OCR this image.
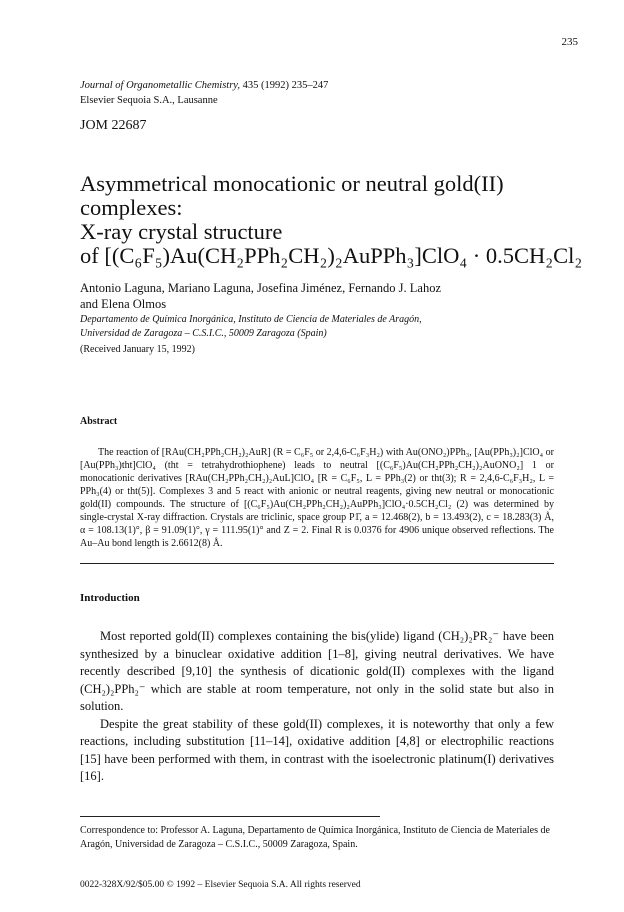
235
Journal of Organometallic Chemistry, 435 (1992) 235–247
Elsevier Sequoia S.A., Lausanne
JOM 22687
Asymmetrical monocationic or neutral gold(II) complexes:
X-ray crystal structure
of [(C₆F₅)Au(CH₂PPh₂CH₂)₂AuPPh₃]ClO₄ · 0.5CH₂Cl₂
Antonio Laguna, Mariano Laguna, Josefina Jiménez, Fernando J. Lahoz
and Elena Olmos
Departamento de Química Inorgánica, Instituto de Ciencia de Materiales de Aragón,
Universidad de Zaragoza – C.S.I.C., 50009 Zaragoza (Spain)
(Received January 15, 1992)
Abstract
The reaction of [RAu(CH₂PPh₂CH₂)₂AuR] (R = C₆F₅ or 2,4,6-C₆F₃H₂) with Au(ONO₂)PPh₃, [Au(PPh₃)₂]ClO₄ or [Au(PPh₃)tht]ClO₄ (tht = tetrahydrothiophene) leads to neutral [(C₆F₅)Au(CH₂PPh₂CH₂)₂AuONO₂] 1 or monocationic derivatives [RAu(CH₂PPh₂CH₂)₂AuL]ClO₄ [R = C₆F₅, L = PPh₃(2) or tht(3); R = 2,4,6-C₆F₃H₂, L = PPh₃(4) or tht(5)]. Complexes 3 and 5 react with anionic or neutral reagents, giving new neutral or monocationic gold(II) compounds. The structure of [(C₆F₅)Au(CH₂PPh₂CH₂)₂AuPPh₃]ClO₄·0.5CH₂Cl₂ (2) was determined by single-crystal X-ray diffraction. Crystals are triclinic, space group P1̄, a = 12.468(2), b = 13.493(2), c = 18.283(3) Å, α = 108.13(1)°, β = 91.09(1)°, γ = 111.95(1)° and Z = 2. Final R is 0.0376 for 4906 unique observed reflections. The Au–Au bond length is 2.6612(8) Å.
Introduction

Most reported gold(II) complexes containing the bis(ylide) ligand (CH₂)₂PR₂⁻ have been synthesized by a binuclear oxidative addition [1–8], giving neutral derivatives. We have recently described [9,10] the synthesis of dicationic gold(II) complexes with the ligand (CH₂)₂PPh₂⁻ which are stable at room temperature, not only in the solid state but also in solution.

Despite the great stability of these gold(II) complexes, it is noteworthy that only a few reactions, including substitution [11–14], oxidative addition [4,8] or electrophilic reactions [15] have been performed with them, in contrast with the isoelectronic platinum(I) derivatives [16].

Correspondence to: Professor A. Laguna, Departamento de Química Inorgánica, Instituto de Ciencia de Materiales de Aragón, Universidad de Zaragoza – C.S.I.C., 50009 Zaragoza, Spain.
0022-328X/92/$05.00 © 1992 – Elsevier Sequoia S.A. All rights reserved
